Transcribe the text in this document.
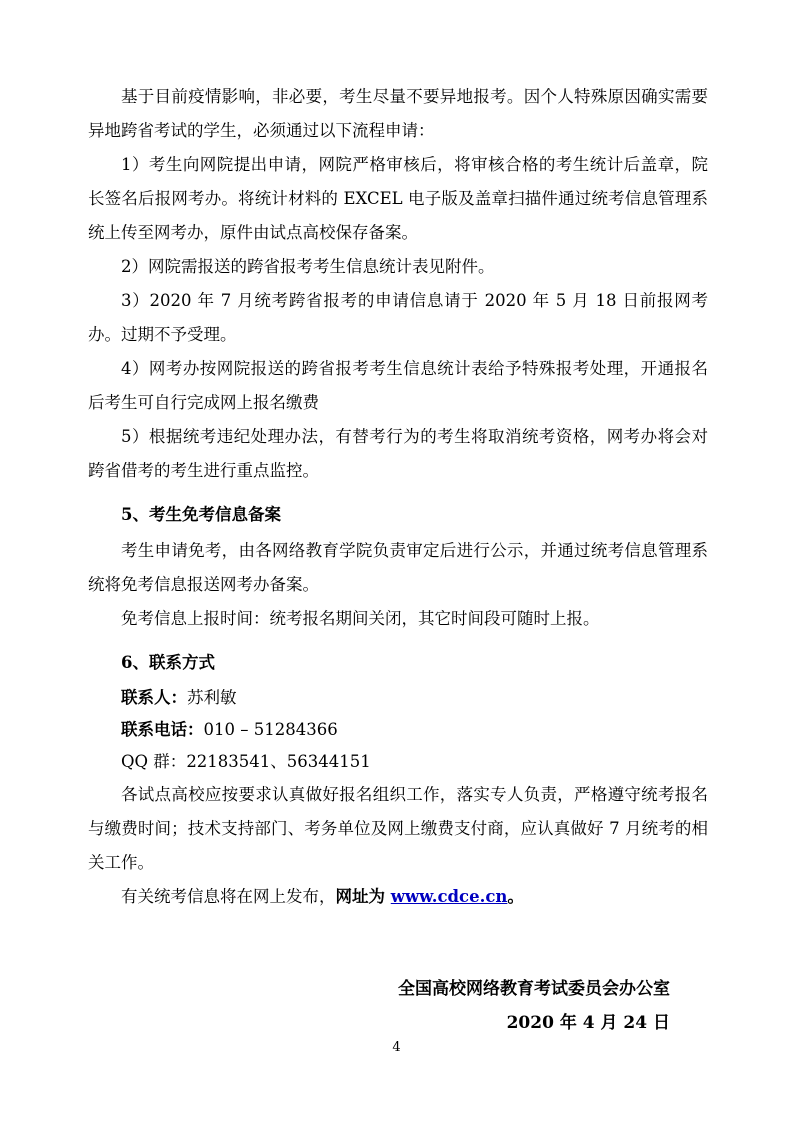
基于目前疫情影响，非必要，考生尽量不要异地报考。因个人特殊原因确实需要异地跨省考试的学生，必须通过以下流程申请：

1）考生向网院提出申请，网院严格审核后，将审核合格的考生统计后盖章，院长签名后报网考办。将统计材料的 EXCEL 电子版及盖章扫描件通过统考信息管理系统上传至网考办，原件由试点高校保存备案。

2）网院需报送的跨省报考考生信息统计表见附件。

3）2020 年 7 月统考跨省报考的申请信息请于 2020 年 5 月 18 日前报网考办。过期不予受理。

4）网考办按网院报送的跨省报考考生信息统计表给予特殊报考处理，开通报名后考生可自行完成网上报名缴费

5）根据统考违纪处理办法，有替考行为的考生将取消统考资格，网考办将会对跨省借考的考生进行重点监控。

5、考生免考信息备案

考生申请免考，由各网络教育学院负责审定后进行公示，并通过统考信息管理系统将免考信息报送网考办备案。

免考信息上报时间：统考报名期间关闭，其它时间段可随时上报。

6、联系方式

联系人：苏利敏

联系电话：010 – 51284366

QQ 群：22183541、56344151

各试点高校应按要求认真做好报名组织工作，落实专人负责，严格遵守统考报名与缴费时间；技术支持部门、考务单位及网上缴费支付商，应认真做好 7 月统考的相关工作。

有关统考信息将在网上发布，网址为 www.cdce.cn。

全国高校网络教育考试委员会办公室
2020 年 4 月 24 日
4
